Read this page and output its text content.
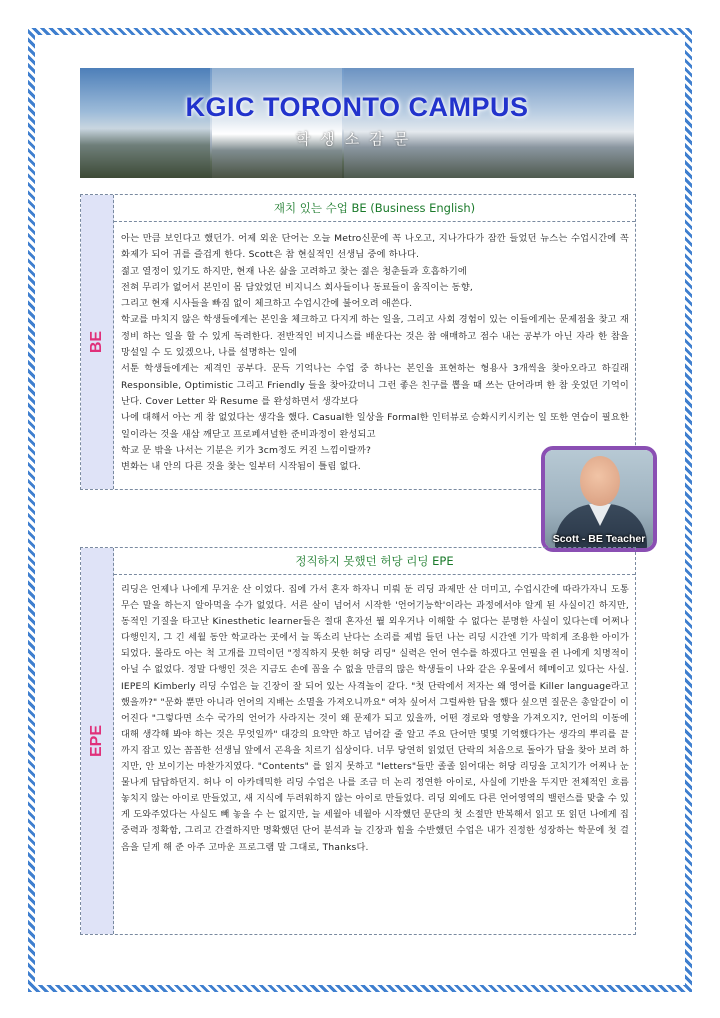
KGIC TORONTO CAMPUS
학생소감문
BE
재치 있는 수업 BE (Business English)

아는 만큼 보인다고 했던가. 어제 외운 단어는 오늘 Metro신문에 꼭 나오고, 지나가다가 잠깐 들었던 뉴스는 수업시간에 꼭 화제가 되어 귀를 즐겁게 한다. Scott은 참 현실적인 선생님 중에 하나다.

젊고 열정이 있기도 하지만, 현재 나온 삶을 고려하고 찾는 젊은 청춘들과 호흡하기에

전혀 무리가 없어서 본인이 몸 담았었던 비지니스 회사들이나 동료들이 움직이는 동향,

그리고 현재 시사들을 빠짐 없이 체크하고 수업시간에 불어오려 애쓴다.

학교를 마치지 않은 학생들에게는 본인을 체크하고 다지게 하는 일을, 그리고 사회 경험이 있는 이들에게는 문제점을 찾고 재정비 하는 일을 할 수 있게 독려한다. 전반적인 비지니스를 배운다는 것은 참 애매하고 점수 내는 공부가 아닌 자라 한 참을 망설일 수 도 있겠으나, 나를 설명하는 일에

서툰 학생들에게는 제격인 공부다. 문득 기억나는 수업 중 하나는 본인을 표현하는 형용사 3개씩을 찾아오라고 하길래 Responsible, Optimistic 그리고 Friendly 들을 찾아갔더니 그런 좋은 친구를 뽑을 때 쓰는 단어라며 한 참 웃었던 기억이 난다. Cover Letter 와 Resume 를 완성하면서 생각보다

나에 대해서 아는 게 참 없었다는 생각을 했다. Casual한 일상을 Formal한 인터뷰로 승화시키시키는 일 또한 연습이 필요한 일이라는 것을 새삼 깨닫고 프로페셔널한 준비과정이 완성되고

학교 문 밖을 나서는 기분은 키가 3cm정도 커진 느낌이랄까?

변화는 내 안의 다른 것을 찾는 일부터 시작됨이 틀림 없다.

Scott - BE Teacher
EPE
정직하지 못했던 허당 리딩 EPE

리딩은 언제나 나에게 무거운 산 이었다. 집에 가서 혼자 하자니 미뤄 둔 리딩 과제만 산 더미고, 수업시간에 따라가자니 도통 무슨 말을 하는지 알아먹을 수가 없었다. 서른 살이 넘어서 시작한 '언어기능학'이라는 과정에서야 알게 된 사실이긴 하지만, 동적인 기질을 타고난 Kinesthetic learner들은 절대 혼자선 뭘 외우거나 이해할 수 없다는 분명한 사실이 있다는데 어쩌나 다행인지, 그 긴 세월 동안 학교라는 곳에서 늘 똑소리 난다는 소리를 제법 들던 나는 리딩 시간엔 기가 막히게 조용한 아이가 되었다. 몰라도 아는 척 고개를 끄덕이던 "정직하지 못한 허당 리딩" 실력은 언어 연수를 하겠다고 연필을 쥔 나에게 치명적이 아닐 수 없었다. 정말 다행인 것은 지금도 손에 꼽을 수 없을 만큼의 많은 학생들이 나와 같은 우물에서 헤메이고 있다는 사실. IEPE의 Kimberly 리딩 수업은 늘 긴장이 잘 되어 있는 사격놀이 같다. "첫 단락에서 저자는 왜 영어를 Killer language라고 했을까?" "문화 뿐만 아니라 언어의 지배는 소멸을 가져오니까요" 여차 싶어서 그럴싸한 답을 했다 싶으면 질문은 총알같이 이어진다 "그렇다면 소수 국가의 언어가 사라지는 것이 왜 문제가 되고 있을까, 어떤 경로와 영향을 가져오지?, 언어의 이동에 대해 생각해 봐야 하는 것은 무엇일까" 대강의 요약만 하고 넘어갈 줄 알고 주요 단어만 몇몇 기억했다가는 생각의 뿌리를 끝까지 잡고 있는 꼼꼼한 선생님 앞에서 곤욕을 치르기 십상이다. 너무 당연히 읽었던 단락의 처음으로 돌아가 답을 찾아 보려 하지만, 안 보이기는 마찬가지였다. "Contents" 를 읽지 못하고 "letters"들만 졸졸 읽어대는 허당 리딩을 고치기가 어찌나 눈물나게 답답하던지. 허나 이 아카데믹한 리딩 수업은 나를 조금 더 논리 정연한 아이로, 사실에 기반을 두지만 전체적인 흐름 놓치지 않는 아이로 만들었고, 새 지식에 두려워하지 않는 아이로 만들었다. 리딩 외에도 다른 언어영역의 밸런스를 맞출 수 있게 도와주었다는 사실도 빼 놓을 수 는 없지만, 늘 세월아 네월아 시작했던 문단의 첫 소절만 반복해서 읽고 또 읽던 나에게 집중력과 정확함, 그리고 간결하지만 명확했던 단어 분석과 늘 긴장과 힘을 수반했던 수업은 내가 진정한 성장하는 학문에 첫 걸음을 딛게 해 준 아주 고마운 프로그램 말 그대로, Thanks다.
